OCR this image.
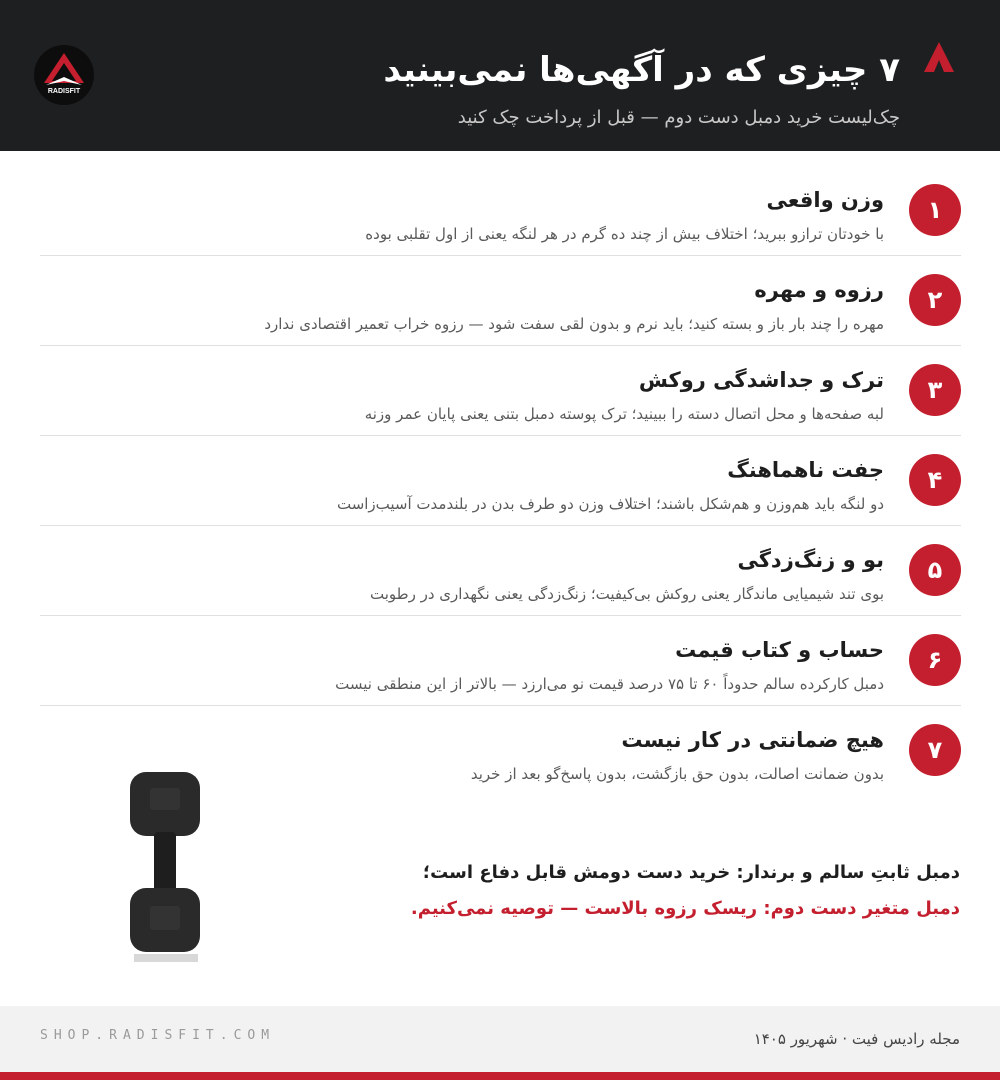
RADISFIT
۷ چیزی که در آگهی‌ها نمی‌بینید
چک‌لیست خرید دمبل دست دوم — قبل از پرداخت چک کنید
۱
وزن واقعی
با خودتان ترازو ببرید؛ اختلاف بیش از چند ده گرم در هر لنگه یعنی از اول تقلبی بوده
۲
رزوه و مهره
مهره را چند بار باز و بسته کنید؛ باید نرم و بدون لقی سفت شود — رزوه خراب تعمیر اقتصادی ندارد
۳
ترک و جداشدگی روکش
لبه صفحه‌ها و محل اتصال دسته را ببینید؛ ترک پوسته دمبل بتنی یعنی پایان عمر وزنه
۴
جفت ناهماهنگ
دو لنگه باید هم‌وزن و هم‌شکل باشند؛ اختلاف وزن دو طرف بدن در بلندمدت آسیب‌زاست
۵
بو و زنگ‌زدگی
بوی تند شیمیایی ماندگار یعنی روکش بی‌کیفیت؛ زنگ‌زدگی یعنی نگهداری در رطوبت
۶
حساب و کتاب قیمت
دمبل کارکرده سالم حدوداً ۶۰ تا ۷۵ درصد قیمت نو می‌ارزد — بالاتر از این منطقی نیست
۷
هیچ ضمانتی در کار نیست
بدون ضمانت اصالت، بدون حق بازگشت، بدون پاسخ‌گو بعد از خرید
دمبل ثابتِ سالم و برندار: خرید دست دومش قابل دفاع است؛
دمبل متغیر دست دوم: ریسک رزوه بالاست — توصیه نمی‌کنیم.
SHOP.RADISFIT.COM	مجله رادیس فیت · شهریور ۱۴۰۵
